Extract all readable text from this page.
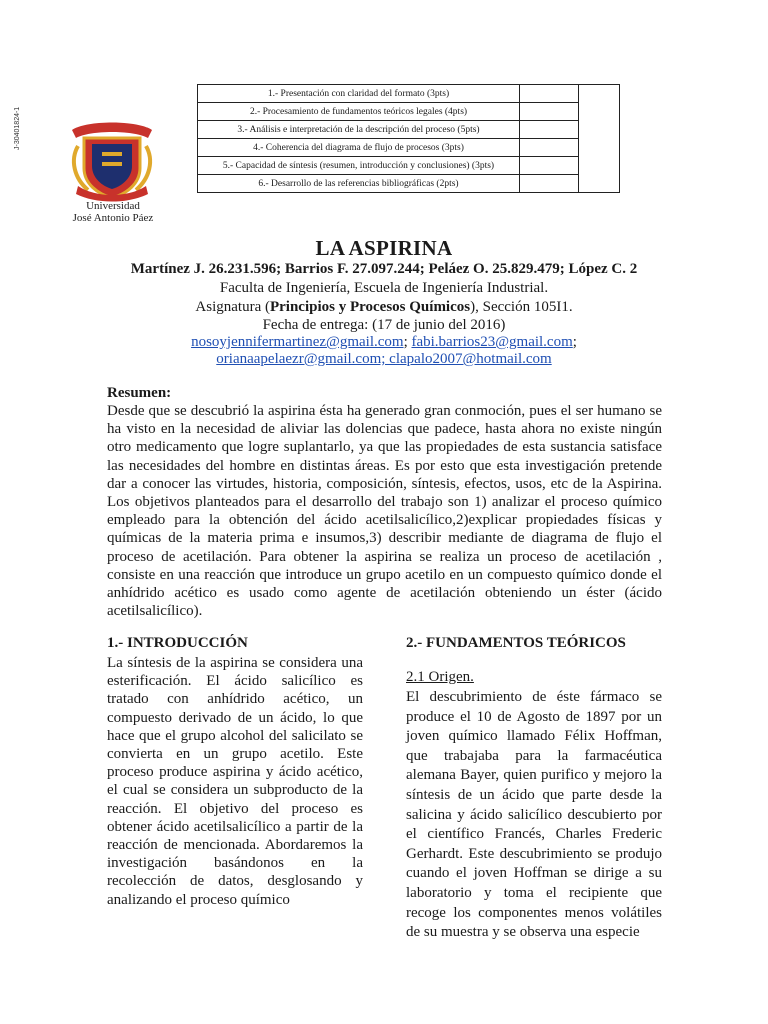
J-30401824-1
Universidad
José Antonio Páez
1.- Presentación con claridad del formato (3pts)		
2.- Procesamiento de fundamentos teóricos legales (4pts)		
3.- Análisis e interpretación de la descripción del proceso (5pts)		
4.- Coherencia del diagrama de flujo de procesos (3pts)		
5.- Capacidad de síntesis (resumen, introducción y conclusiones) (3pts)		
6.- Desarrollo de las referencias bibliográficas (2pts)		
LA ASPIRINA
Martínez J. 26.231.596; Barrios F. 27.097.244; Peláez O. 25.829.479; López C. 2
Faculta de Ingeniería, Escuela de Ingeniería Industrial.
Asignatura (Principios y Procesos Químicos), Sección 105I1.
Fecha de entrega: (17 de junio del 2016)
nosoyjennifermartinez@gmail.com; fabi.barrios23@gmail.com;
orianaapelaezr@gmail.com; clapalo2007@hotmail.com
Resumen:
Desde que se descubrió la aspirina ésta ha generado gran conmoción, pues el ser humano se ha visto en la necesidad de aliviar las dolencias que padece, hasta ahora no existe ningún otro medicamento que logre suplantarlo, ya que las propiedades de esta sustancia satisface las necesidades del hombre en distintas áreas. Es por esto que esta investigación pretende dar a conocer las virtudes, historia, composición, síntesis, efectos, usos, etc de la Aspirina. Los objetivos planteados para el desarrollo del trabajo son 1) analizar el proceso químico empleado para la obtención del ácido acetilsalicílico,2)explicar propiedades físicas y químicas de la materia prima e insumos,3) describir mediante de diagrama de flujo el proceso de acetilación. Para obtener la aspirina se realiza un proceso de acetilación , consiste en una reacción que introduce un grupo acetilo en un compuesto químico donde el anhídrido acético es usado como agente de acetilación obteniendo un éster (ácido acetilsalicílico).
1.- INTRODUCCIÓN

La síntesis de la aspirina se considera una esterificación. El ácido salicílico es tratado con anhídrido acético, un compuesto derivado de un ácido, lo que hace que el grupo alcohol del salicilato se convierta en un grupo acetilo. Este proceso produce aspirina y ácido acético, el cual se considera un subproducto de la reacción. El objetivo del proceso es obtener ácido acetilsalicílico a partir de la reacción de mencionada. Abordaremos la investigación basándonos en la recolección de datos, desglosando y analizando el proceso químico

2.- FUNDAMENTOS TEÓRICOS
2.1 Origen.

El descubrimiento de éste fármaco se produce el 10 de Agosto de 1897 por un joven químico llamado Félix Hoffman, que trabajaba para la farmacéutica alemana Bayer, quien purifico y mejoro la síntesis de un ácido que parte desde la salicina y ácido salicílico descubierto por el científico Francés, Charles Frederic Gerhardt. Este descubrimiento se produjo cuando el joven Hoffman se dirige a su laboratorio y toma el recipiente que recoge los componentes menos volátiles de su muestra y se observa una especie
